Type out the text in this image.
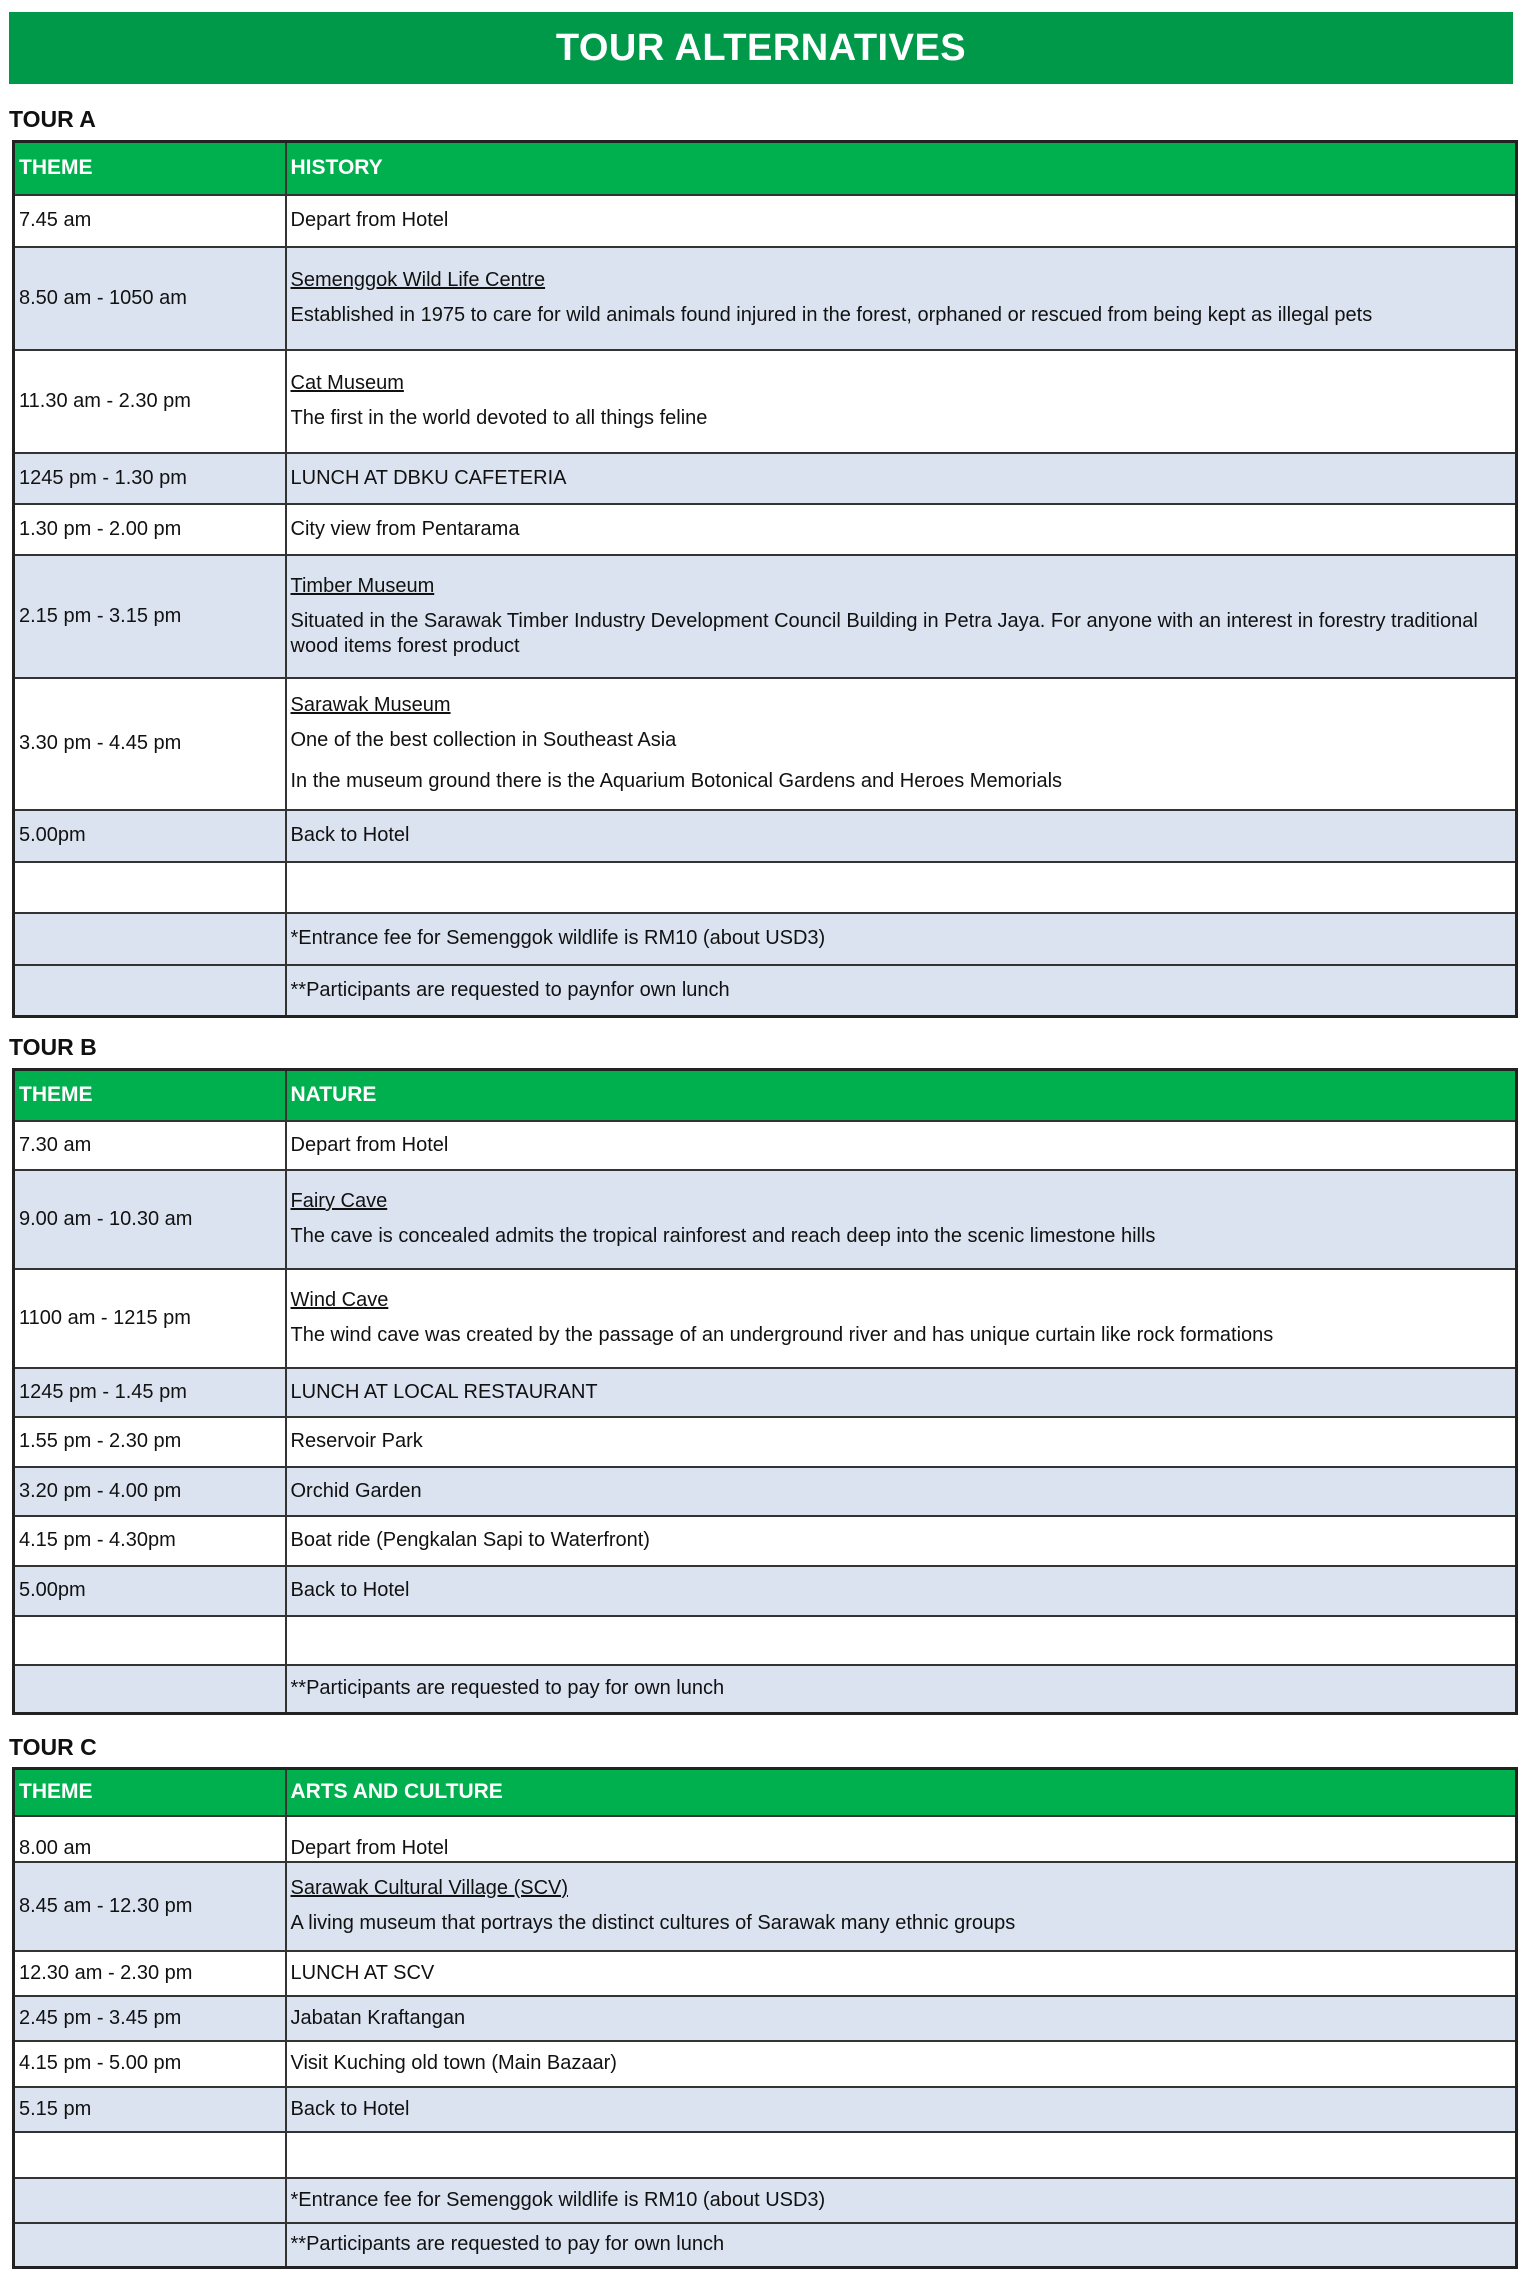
TOUR ALTERNATIVES
TOUR A
THEME	HISTORY
7.45 am	Depart from Hotel
8.50 am - 1050 am	Semenggok Wild Life Centre
Established in 1975 to care for wild animals found injured in the forest, orphaned or rescued from being kept as illegal pets

11.30 am - 2.30 pm	Cat Museum
The first in the world devoted to all things feline

1245 pm - 1.30 pm	LUNCH AT DBKU CAFETERIA
1.30 pm - 2.00 pm	City view from Pentarama
2.15 pm - 3.15 pm	Timber Museum
Situated in the Sarawak Timber Industry Development Council Building in Petra Jaya. For anyone with an interest in forestry traditional wood items forest product

3.30 pm - 4.45 pm	Sarawak Museum
One of the best collection in Southeast Asia
In the museum ground there is the Aquarium Botonical Gardens and Heroes Memorials

5.00pm	Back to Hotel

	*Entrance fee for Semenggok wildlife is RM10 (about USD3)
	**Participants are requested to paynfor own lunch
TOUR B
THEME	NATURE
7.30 am	Depart from Hotel
9.00 am - 10.30 am	Fairy Cave
The cave is concealed admits the tropical rainforest and reach deep into the scenic limestone hills

1100 am - 1215 pm	Wind Cave
The wind cave was created by the passage of an underground river and has unique curtain like rock formations

1245 pm - 1.45 pm	LUNCH AT LOCAL RESTAURANT
1.55 pm - 2.30 pm	Reservoir Park
3.20 pm - 4.00 pm	Orchid Garden
4.15 pm - 4.30pm	Boat ride (Pengkalan Sapi to Waterfront)
5.00pm	Back to Hotel

	**Participants are requested to pay for own lunch
TOUR C
THEME	ARTS AND CULTURE
8.00 am	Depart from Hotel
8.45 am - 12.30 pm	Sarawak Cultural Village (SCV)
A living museum that portrays the distinct cultures of Sarawak many ethnic groups

12.30 am - 2.30 pm	LUNCH AT SCV
2.45 pm - 3.45 pm	Jabatan Kraftangan
4.15 pm - 5.00 pm	Visit Kuching old town (Main Bazaar)
5.15 pm	Back to Hotel

	*Entrance fee for Semenggok wildlife is RM10 (about USD3)
	**Participants are requested to pay for own lunch
